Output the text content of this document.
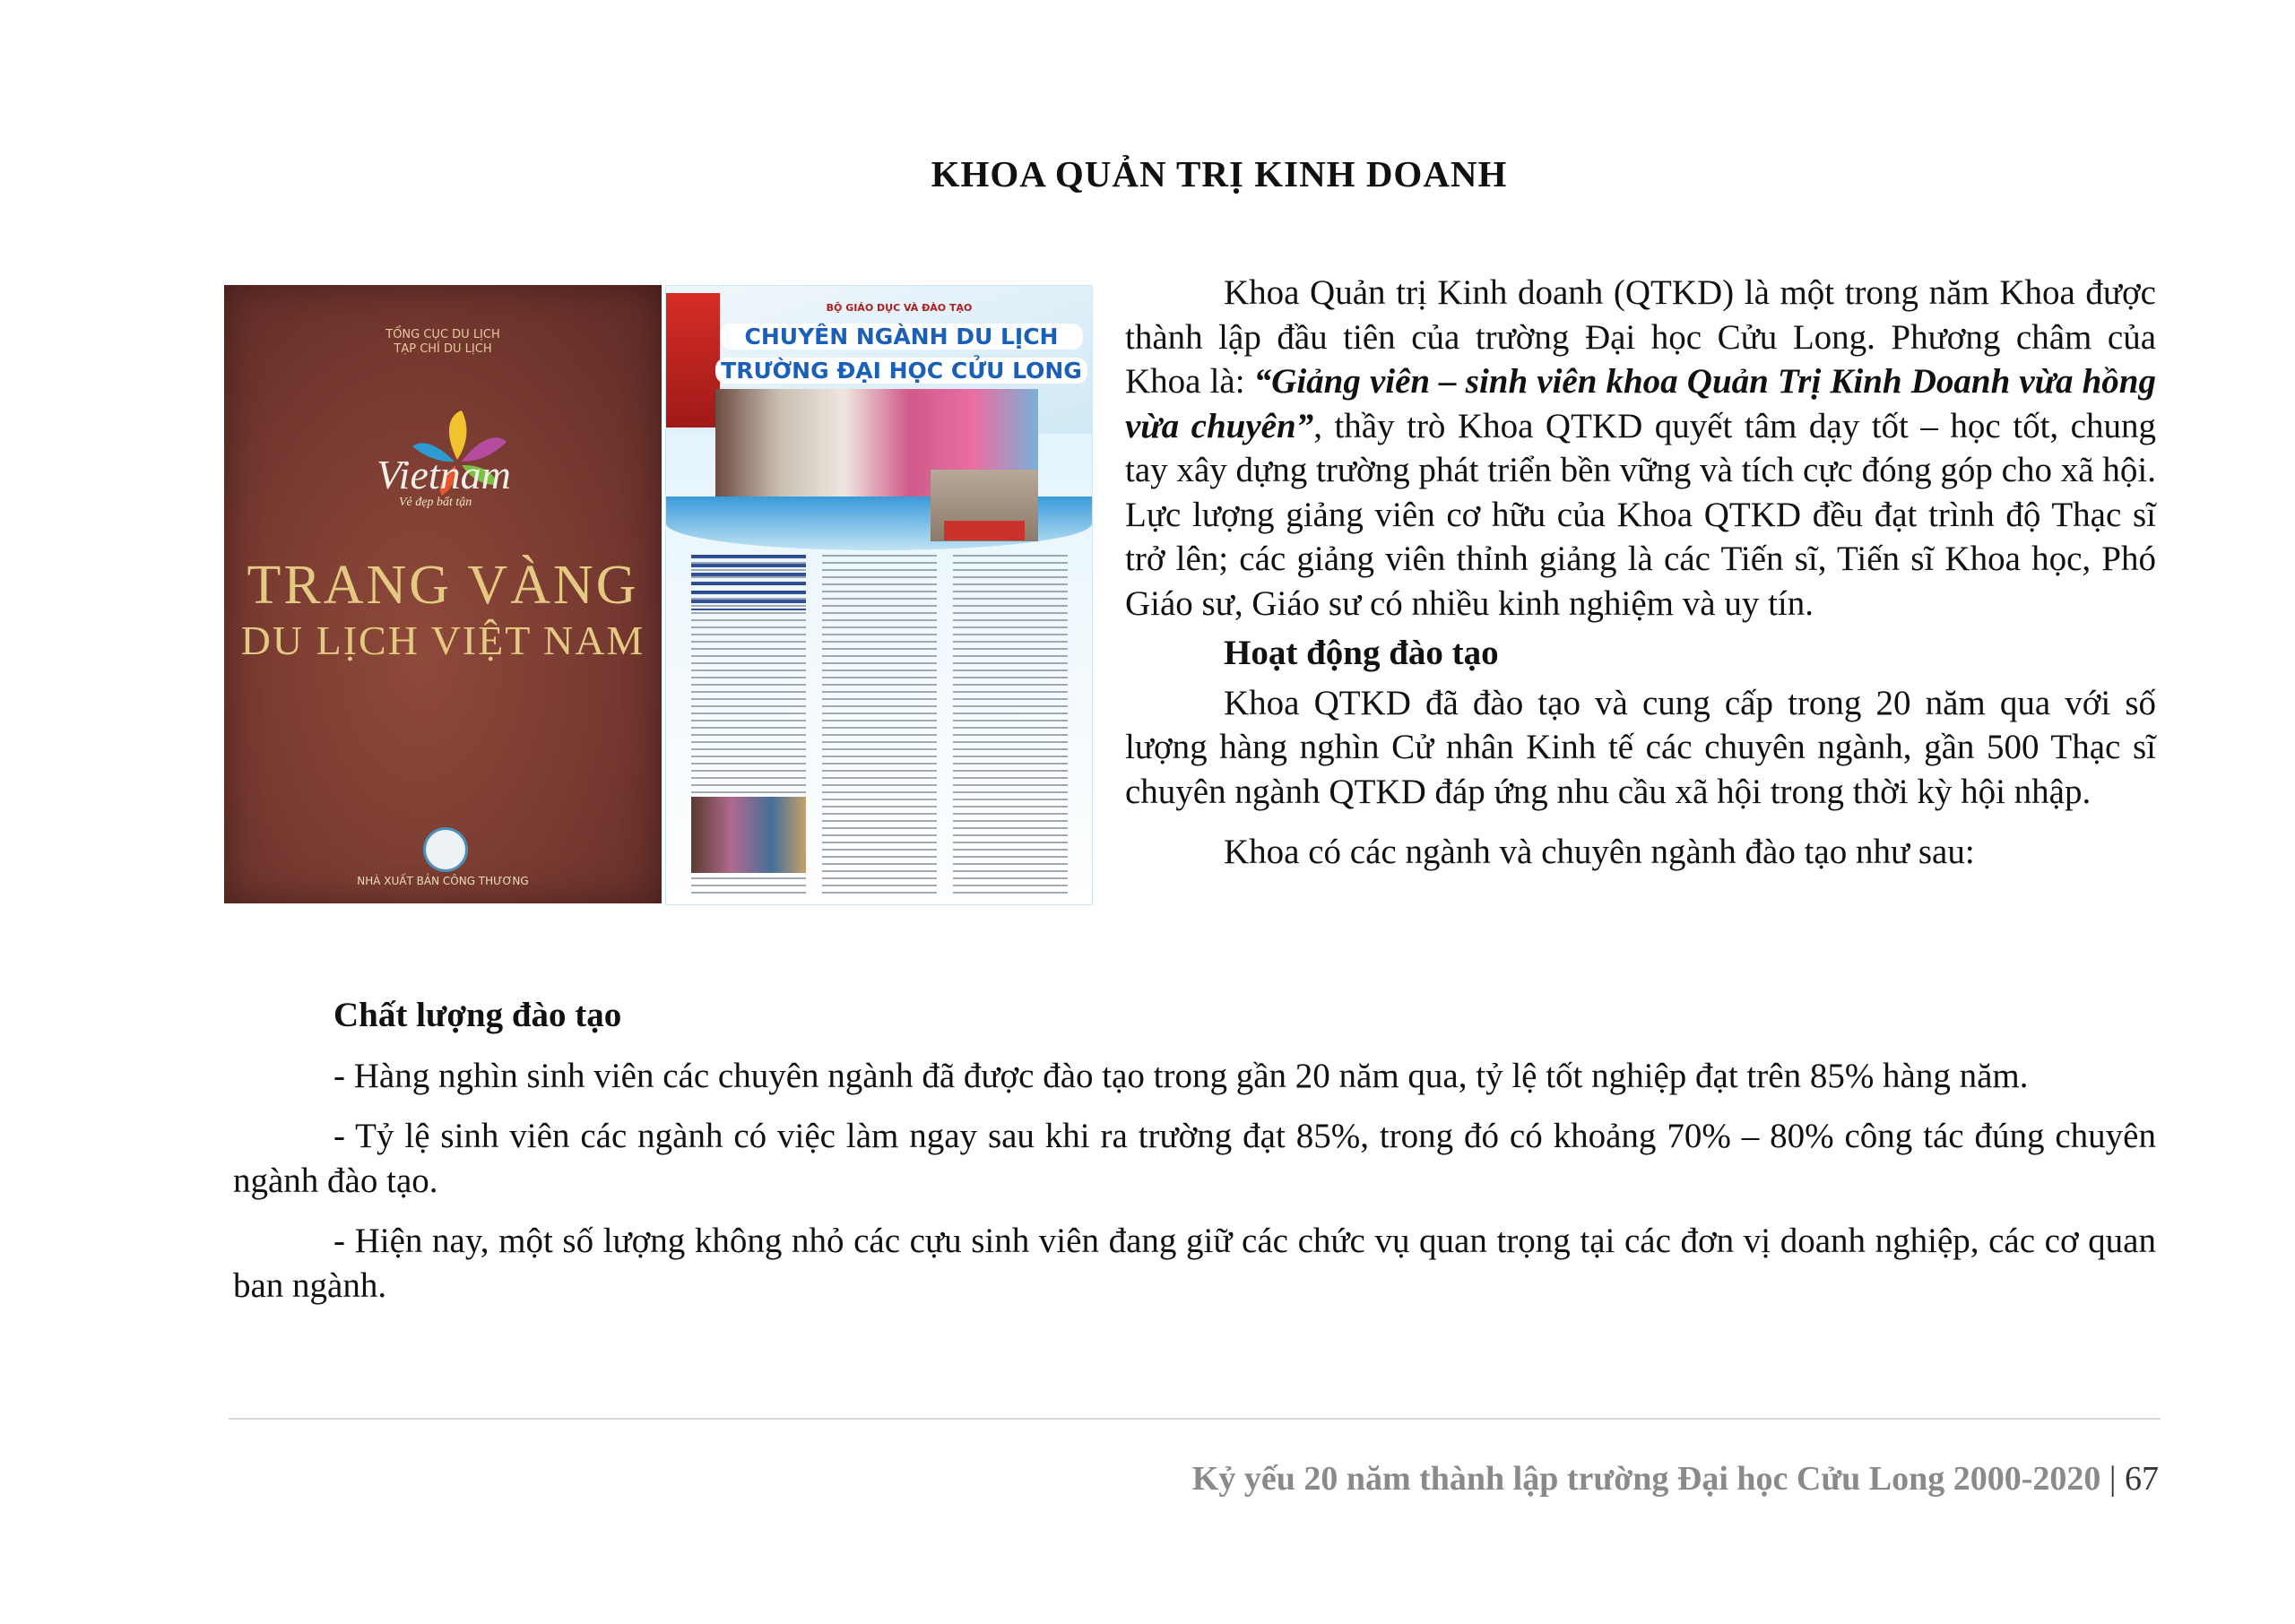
KHOA QUẢN TRỊ KINH DOANH
TỔNG CỤC DU LỊCH
TẠP CHÍ DU LỊCH
Vietnam
Vẻ đẹp bất tận
TRANG VÀNG
DU LỊCH VIỆT NAM
NHÀ XUẤT BẢN CÔNG THƯƠNG
BỘ GIÁO DỤC VÀ ĐÀO TẠO
CHUYÊN NGÀNH DU LỊCH
TRƯỜNG ĐẠI HỌC CỬU LONG

Khoa Quản trị Kinh doanh (QTKD) là một trong năm Khoa được thành lập đầu tiên của trường Đại học Cửu Long. Phương châm của Khoa là: “Giảng viên – sinh viên khoa Quản Trị Kinh Doanh vừa hồng vừa chuyên”, thầy trò Khoa QTKD quyết tâm dạy tốt – học tốt, chung tay xây dựng trường phát triển bền vững và tích cực đóng góp cho xã hội. Lực lượng giảng viên cơ hữu của Khoa QTKD đều đạt trình độ Thạc sĩ trở lên; các giảng viên thỉnh giảng là các Tiến sĩ, Tiến sĩ Khoa học, Phó Giáo sư, Giáo sư có nhiều kinh nghiệm và uy tín.

Hoạt động đào tạo

Khoa QTKD đã đào tạo và cung cấp trong 20 năm qua với số lượng hàng nghìn Cử nhân Kinh tế các chuyên ngành, gần 500 Thạc sĩ chuyên ngành QTKD đáp ứng nhu cầu xã hội trong thời kỳ hội nhập.

Khoa có các ngành và chuyên ngành đào tạo như sau:

Chất lượng đào tạo

- Hàng nghìn sinh viên các chuyên ngành đã được đào tạo trong gần 20 năm qua, tỷ lệ tốt nghiệp đạt trên 85% hàng năm.

- Tỷ lệ sinh viên các ngành có việc làm ngay sau khi ra trường đạt 85%, trong đó có khoảng 70% – 80% công tác đúng chuyên ngành đào tạo.

- Hiện nay, một số lượng không nhỏ các cựu sinh viên đang giữ các chức vụ quan trọng tại các đơn vị doanh nghiệp, các cơ quan ban ngành.

Kỷ yếu 20 năm thành lập trường Đại học Cửu Long 2000-2020 | 67
